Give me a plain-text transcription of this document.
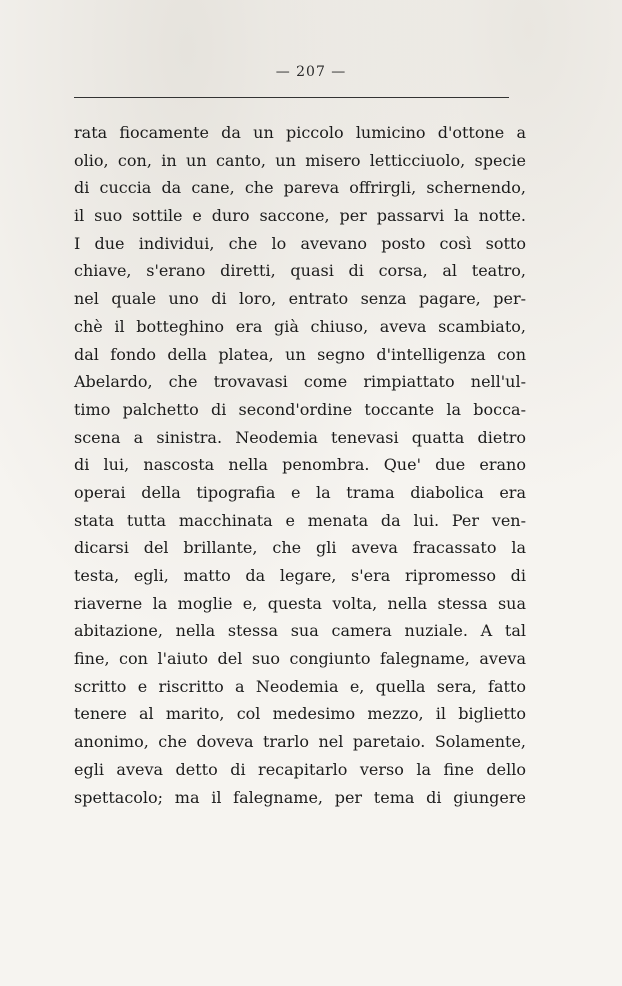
— 207 —
rata fiocamente da un piccolo lumicino d'ottone a
olio, con, in un canto, un misero letticciuolo, specie
di cuccia da cane, che pareva offrirgli, schernendo,
il suo sottile e duro saccone, per passarvi la notte.
I due individui, che lo avevano posto così sotto
chiave, s'erano diretti, quasi di corsa, al teatro,
nel quale uno di loro, entrato senza pagare, per-
chè il botteghino era già chiuso, aveva scambiato,
dal fondo della platea, un segno d'intelligenza con
Abelardo, che trovavasi come rimpiattato nell'ul-
timo palchetto di second'ordine toccante la bocca-
scena a sinistra. Neodemia tenevasi quatta dietro
di lui, nascosta nella penombra. Que' due erano
operai della tipografia e la trama diabolica era
stata tutta macchinata e menata da lui. Per ven-
dicarsi del brillante, che gli aveva fracassato la
testa, egli, matto da legare, s'era ripromesso di
riaverne la moglie e, questa volta, nella stessa sua
abitazione, nella stessa sua camera nuziale. A tal
fine, con l'aiuto del suo congiunto falegname, aveva
scritto e riscritto a Neodemia e, quella sera, fatto
tenere al marito, col medesimo mezzo, il biglietto
anonimo, che doveva trarlo nel paretaio. Solamente,
egli aveva detto di recapitarlo verso la fine dello
spettacolo; ma il falegname, per tema di giungere
